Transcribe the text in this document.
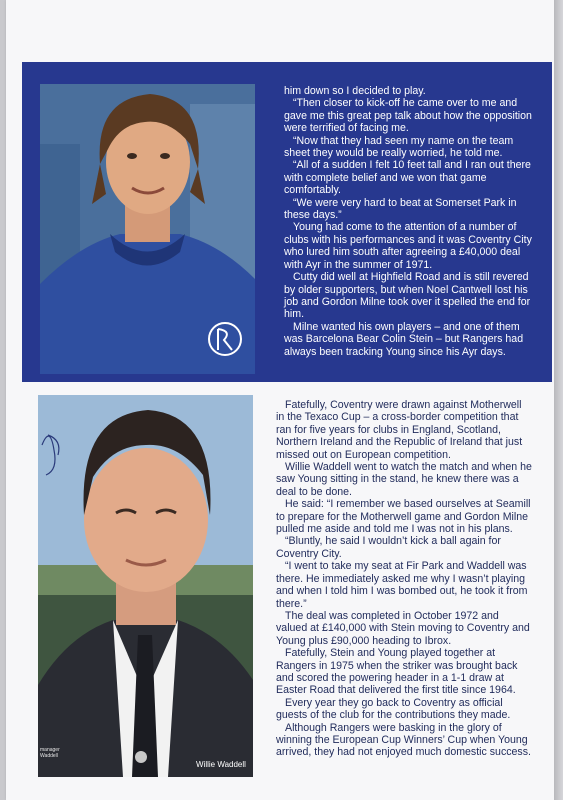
him down so I decided to play.

“Then closer to kick-off he came over to me and gave me this great pep talk about how the opposition were terrified of facing me.

“Now that they had seen my name on the team sheet they would be really worried, he told me.

“All of a sudden I felt 10 feet tall and I ran out there with complete belief and we won that game comfortably.

“We were very hard to beat at Somerset Park in these days.”

Young had come to the attention of a number of clubs with his performances and it was Coventry City who lured him south after agreeing a £40,000 deal with Ayr in the summer of 1971.

Cutty did well at Highfield Road and is still revered by older supporters, but when Noel Cantwell lost his job and Gordon Milne took over it spelled the end for him.

Milne wanted his own players – and one of them was Barcelona Bear Colin Stein – but Rangers had always been tracking Young since his Ayr days.

manager Waddell
Willie Waddell

Fatefully, Coventry were drawn against Motherwell in the Texaco Cup – a cross-border competition that ran for five years for clubs in England, Scotland, Northern Ireland and the Republic of Ireland that just missed out on European competition.

Willie Waddell went to watch the match and when he saw Young sitting in the stand, he knew there was a deal to be done.

He said: “I remember we based ourselves at Seamill to prepare for the Motherwell game and Gordon Milne pulled me aside and told me I was not in his plans.

“Bluntly, he said I wouldn’t kick a ball again for Coventry City.

“I went to take my seat at Fir Park and Waddell was there. He immediately asked me why I wasn’t playing and when I told him I was bombed out, he took it from there.”

The deal was completed in October 1972 and valued at £140,000 with Stein moving to Coventry and Young plus £90,000 heading to Ibrox.

Fatefully, Stein and Young played together at Rangers in 1975 when the striker was brought back and scored the powering header in a 1-1 draw at Easter Road that delivered the first title since 1964.

Every year they go back to Coventry as official guests of the club for the contributions they made.

Although Rangers were basking in the glory of winning the European Cup Winners’ Cup when Young arrived, they had not enjoyed much domestic success.
